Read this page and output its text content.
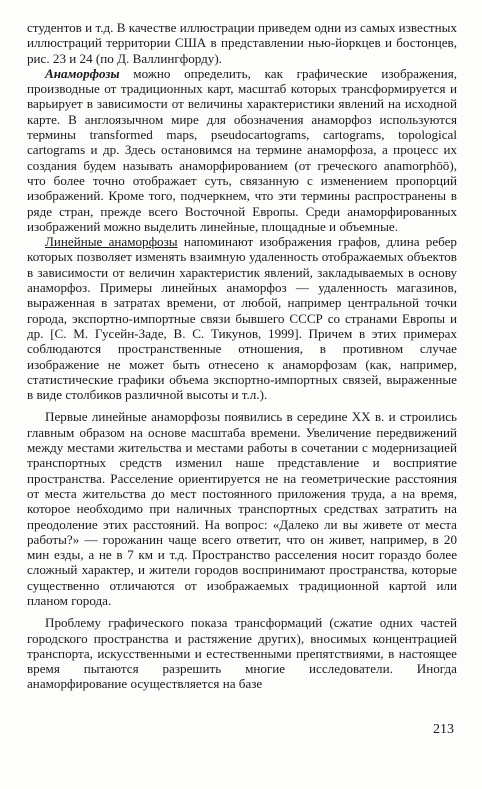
студентов и т.д. В качестве иллюстрации приведем одни из самых известных иллюстраций территории США в представлении нью-йоркцев и бостонцев, рис. 23 и 24 (по Д. Валлингфорду).

Анаморфозы можно определить, как графические изображения, производные от традиционных карт, масштаб которых трансформируется и варьирует в зависимости от величины характеристики явлений на исходной карте. В англоязычном мире для обозначения анаморфоз используются термины transformed maps, pseudocartograms, cartograms, topological cartograms и др. Здесь остановимся на термине анаморфоза, а процесс их создания будем называть анаморфированием (от греческого anamorphōō), что более точно отображает суть, связанную с изменением пропорций изображений. Кроме того, подчеркнем, что эти термины распространены в ряде стран, прежде всего Восточной Европы. Среди анаморфированных изображений можно выделить линейные, площадные и объемные.

Линейные анаморфозы напоминают изображения графов, длина ребер которых позволяет изменять взаимную удаленность отображаемых объектов в зависимости от величин характеристик явлений, закладываемых в основу анаморфоз. Примеры линейных анаморфоз — удаленность магазинов, выраженная в затратах времени, от любой, например центральной точки города, экспортно-импортные связи бывшего СССР со странами Европы и др. [С. М. Гусейн-Заде, В. С. Тикунов, 1999]. Причем в этих примерах соблюдаются пространственные отношения, в противном случае изображение не может быть отнесено к анаморфозам (как, например, статистические графики объема экспортно-импортных связей, выраженные в виде столбиков различной высоты и т.л.).

Первые линейные анаморфозы появились в середине XX в. и строились главным образом на основе масштаба времени. Увеличение передвижений между местами жительства и местами работы в сочетании с модернизацией транспортных средств изменил наше представление и восприятие пространства. Расселение ориентируется не на геометрические расстояния от места жительства до мест постоянного приложения труда, а на время, которое необходимо при наличных транспортных средствах затратить на преодоление этих расстояний. На вопрос: «Далеко ли вы живете от места работы?» — горожанин чаще всего ответит, что он живет, например, в 20 мин езды, а не в 7 км и т.д. Пространство расселения носит гораздо более сложный характер, и жители городов воспринимают пространства, которые существенно отличаются от изображаемых традиционной картой или планом города.

Проблему графического показа трансформаций (сжатие одних частей городского пространства и растяжение других), вносимых концентрацией транспорта, искусственными и естественными препятствиями, в настоящее время пытаются разрешить многие исследователи. Иногда анаморфирование осуществляется на базе

213
